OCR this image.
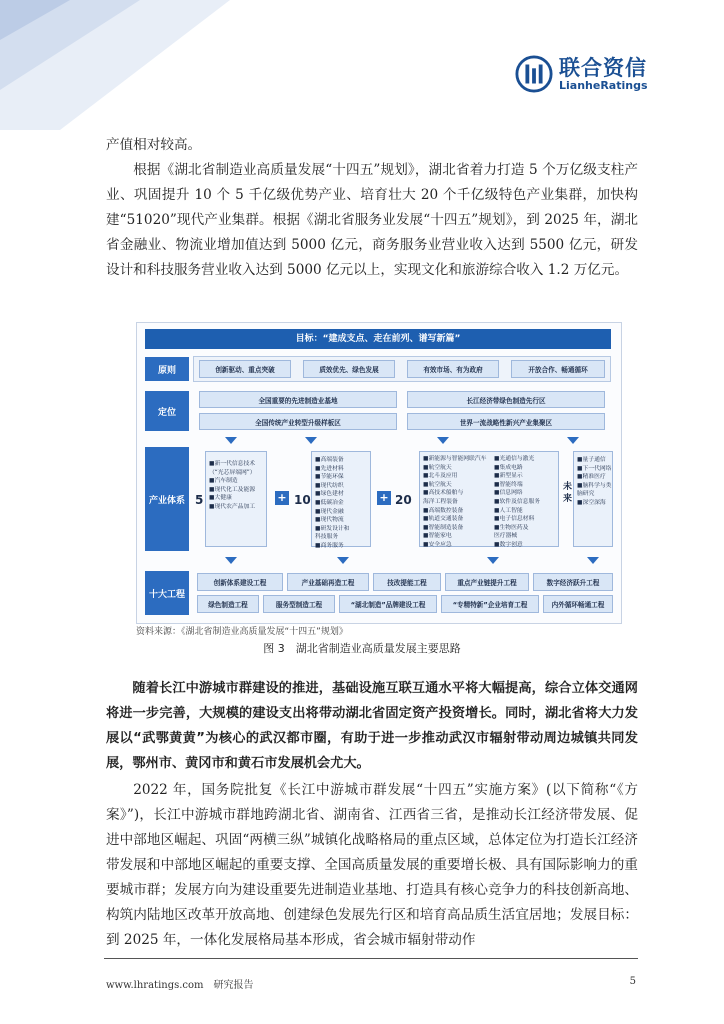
联合资信
LianheRatings

产值相对较高。

根据《湖北省制造业高质量发展“十四五”规划》，湖北省着力打造 5 个万亿级支柱产业、巩固提升 10 个 5 千亿级优势产业、培育壮大 20 个千亿级特色产业集群，加快构建“51020”现代产业集群。根据《湖北省服务业发展“十四五”规划》，到 2025 年，湖北省金融业、物流业增加值达到 5000 亿元，商务服务业营业收入达到 5500 亿元，研发设计和科技服务营业收入达到 5000 亿元以上，实现文化和旅游综合收入 1.2 万亿元。

目标：“建成支点、走在前列、谱写新篇”
原则	创新驱动、重点突破	质效优先、绿色发展	有效市场、有为政府	开放合作、畅通循环
定位
全国重要的先进制造业基地	长江经济带绿色制造先行区
全国传统产业转型升级样板区	世界一流战略性新兴产业集聚区
产业体系 5
■新一代信息技术
（“光芯屏端网”）
■汽车制造
■现代化工及能源
■大健康
■现代农产品加工
+ 10
■高端装备
■先进材料
■节能环保
■现代纺织
■绿色建材
■低碳冶金
■现代金融
■现代物流
■研发设计和
科技服务
■商务服务
+ 20
■新能源与智能网联汽车
■航空航天
■北斗及应用
■航空航天
■高技术船舶与
海洋工程装备
■高端数控装备
■轨道交通装备
■智能制造装备
■智能家电
■安全应急
■光通信与激光
■集成电路
■新型显示
■智能终端
■信息网络
■软件及信息服务
■人工智能
■电子信息材料
■生物医药及
医疗器械
■数字创意
未来
■量子通信
■下一代网络
■精准医疗
■脑科学与类
脑研究
■深空深海
十大工程
创新体系建设工程	产业基础再造工程	技改提能工程	重点产业链提升工程	数字经济跃升工程
绿色制造工程	服务型制造工程	“湖北制造”品牌建设工程	“专精特新”企业培育工程	内外循环畅通工程
资料来源：《湖北省制造业高质量发展“十四五”规划》
图 3　湖北省制造业高质量发展主要思路

随着长江中游城市群建设的推进，基础设施互联互通水平将大幅提高，综合立体交通网将进一步完善，大规模的建设支出将带动湖北省固定资产投资增长。同时，湖北省将大力发展以“武鄂黄黄”为核心的武汉都市圈，有助于进一步推动武汉市辐射带动周边城镇共同发展，鄂州市、黄冈市和黄石市发展机会尤大。

2022 年，国务院批复《长江中游城市群发展“十四五”实施方案》(以下简称“《方案》”)，长江中游城市群地跨湖北省、湖南省、江西省三省，是推动长江经济带发展、促进中部地区崛起、巩固“两横三纵”城镇化战略格局的重点区域，总体定位为打造长江经济带发展和中部地区崛起的重要支撑、全国高质量发展的重要增长极、具有国际影响力的重要城市群；发展方向为建设重要先进制造业基地、打造具有核心竞争力的科技创新高地、构筑内陆地区改革开放高地、创建绿色发展先行区和培育高品质生活宜居地；发展目标：到 2025 年，一体化发展格局基本形成，省会城市辐射带动作

www.lhratings.com　研究报告	5
